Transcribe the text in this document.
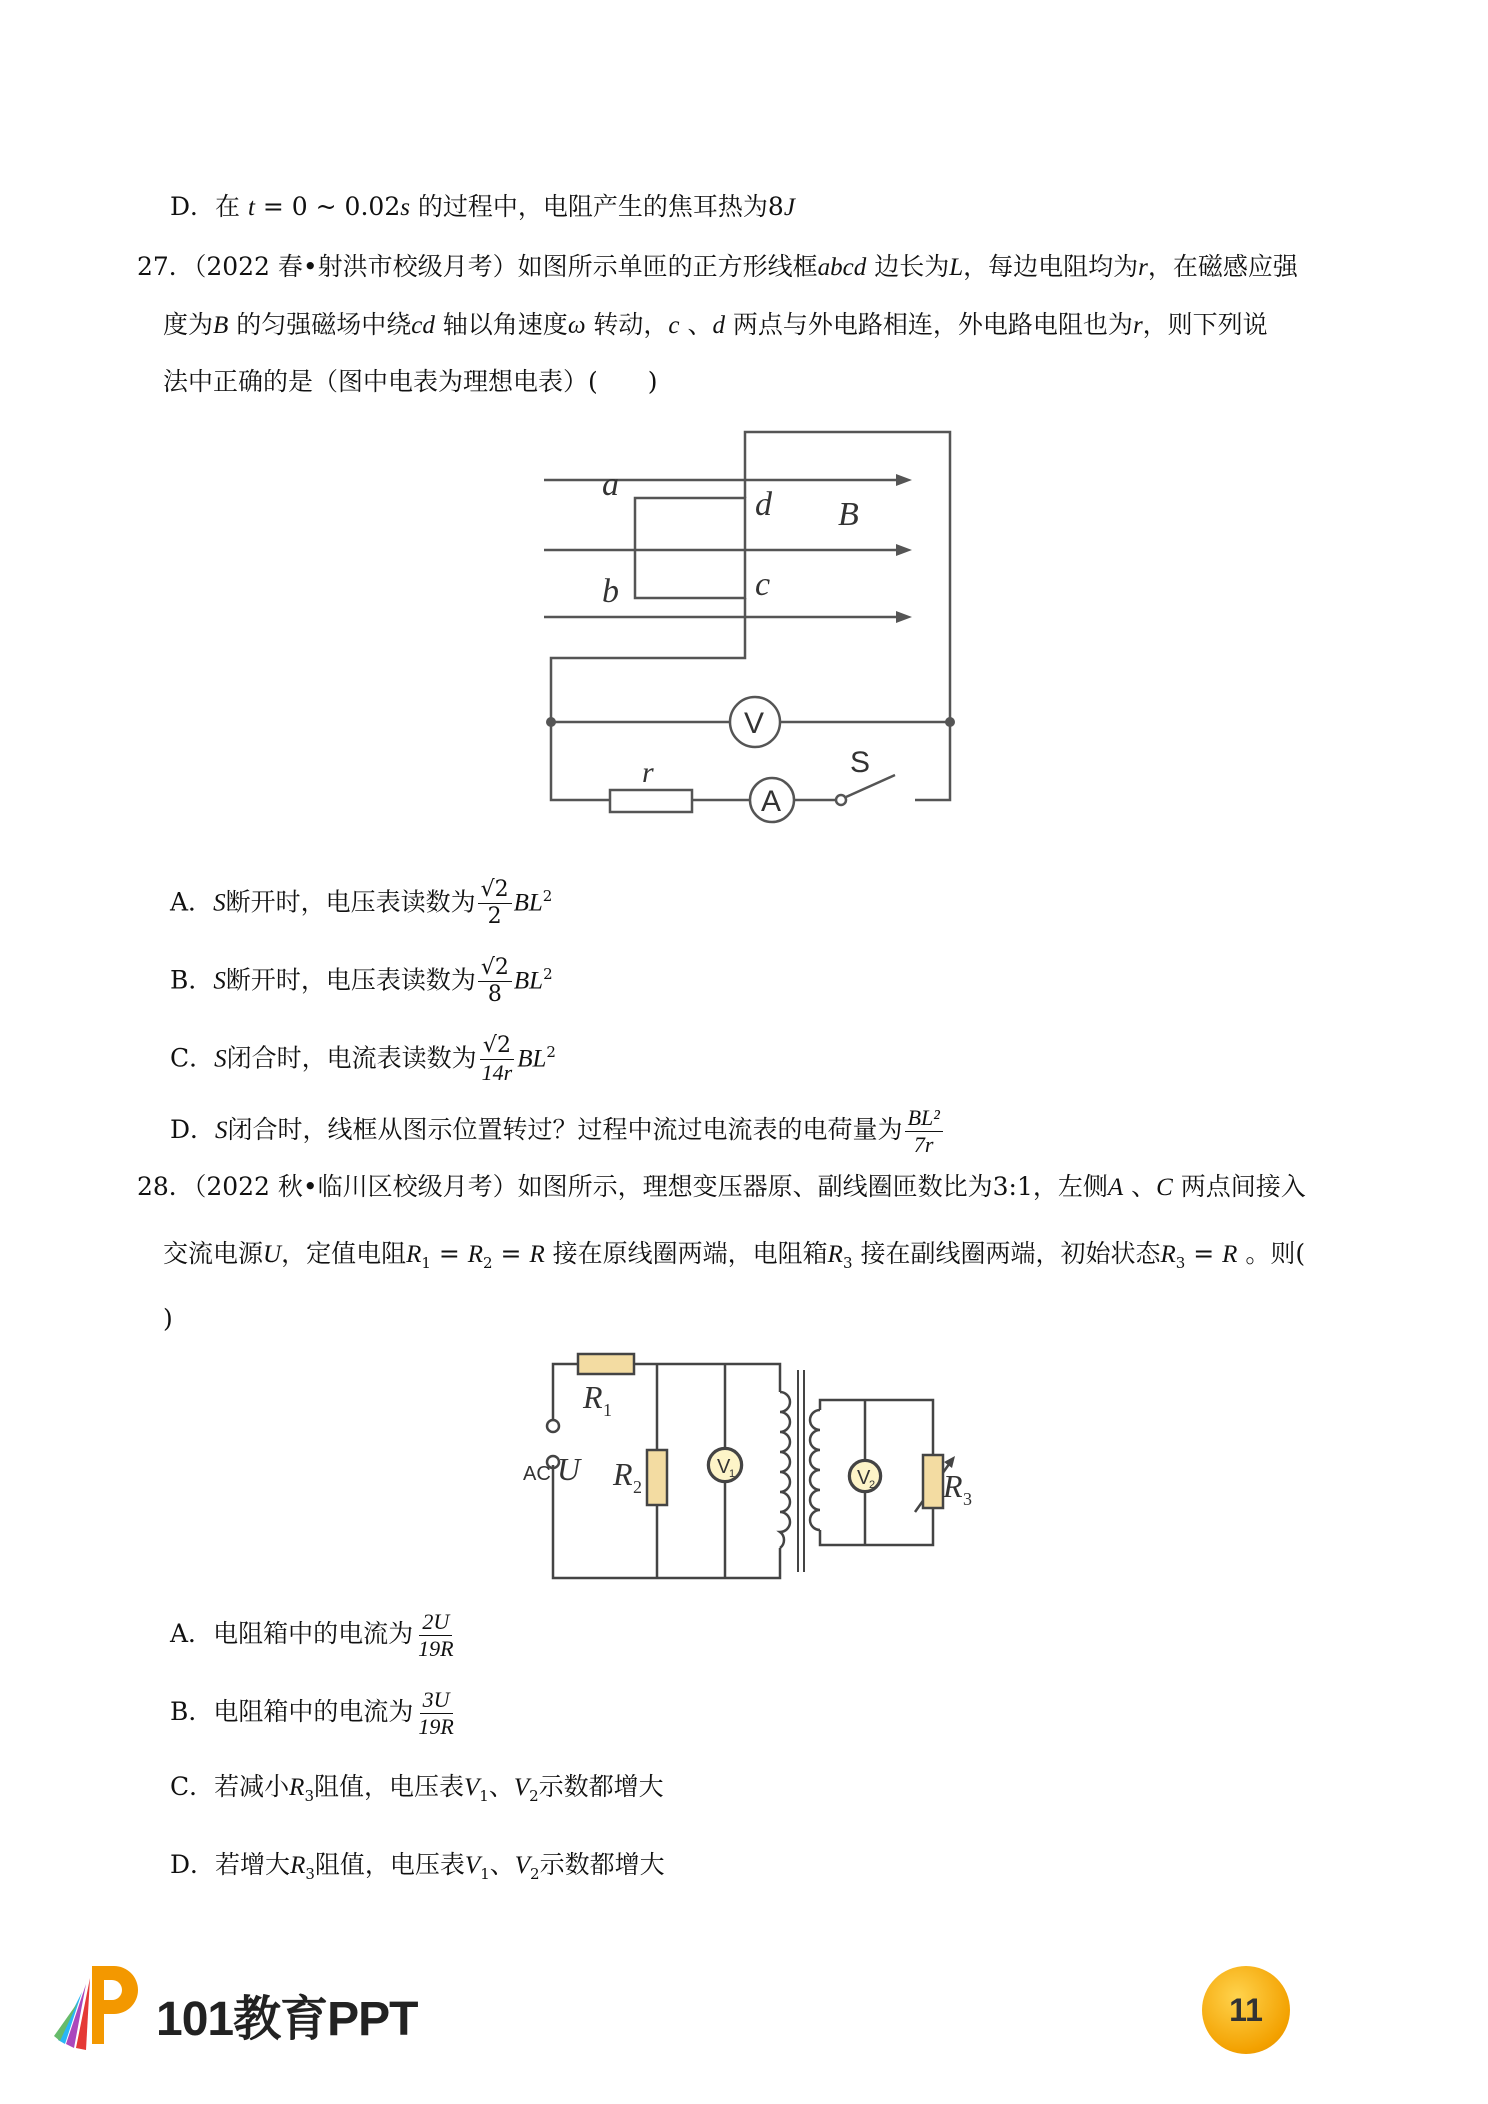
D．在 t = 0 ~ 0.02s 的过程中，电阻产生的焦耳热为8J
27．（2022 春•射洪市校级月考）如图所示单匝的正方形线框abcd 边长为L，每边电阻均为r，在磁感应强
度为B 的匀强磁场中绕cd 轴以角速度ω 转动，c 、d 两点与外电路相连，外电路电阻也为r，则下列说
法中正确的是（图中电表为理想电表）(　　)
a
b	c
d B
r
V
A
S
A．S断开时，电压表读数为 $\frac{√2}{2} BL^2$
B．S断开时，电压表读数为 $\frac{√2}{8} BL^2$
C．S闭合时，电流表读数为 $\frac{√2}{14r} BL^2$
D．S闭合时，线框从图示位置转过？过程中流过电流表的电荷量为 $\frac{\text{BL²}}{7r}$
28．（2022 秋•临川区校级月考）如图所示，理想变压器原、副线圈匝数比为3:1，左侧A 、C 两点间接入
交流电源U，定值电阻$R_1 = R_2 = R$ 接在原线圈两端，电阻箱$R_3$ 接在副线圈两端，初始状态$R_3 = R$ 。则(
)
R 1
R 2	R 3
U
AC	V
1	V
2
A．电阻箱中的电流为 $\frac{2U}{19R}$
B．电阻箱中的电流为 $\frac{3U}{19R}$
C．若减小$R_3$阻值，电压表$V_1$、$V_2$示数都增大
D．若增大$R_3$阻值，电压表$V_1$、$V_2$示数都增大
101教育PPT	11
